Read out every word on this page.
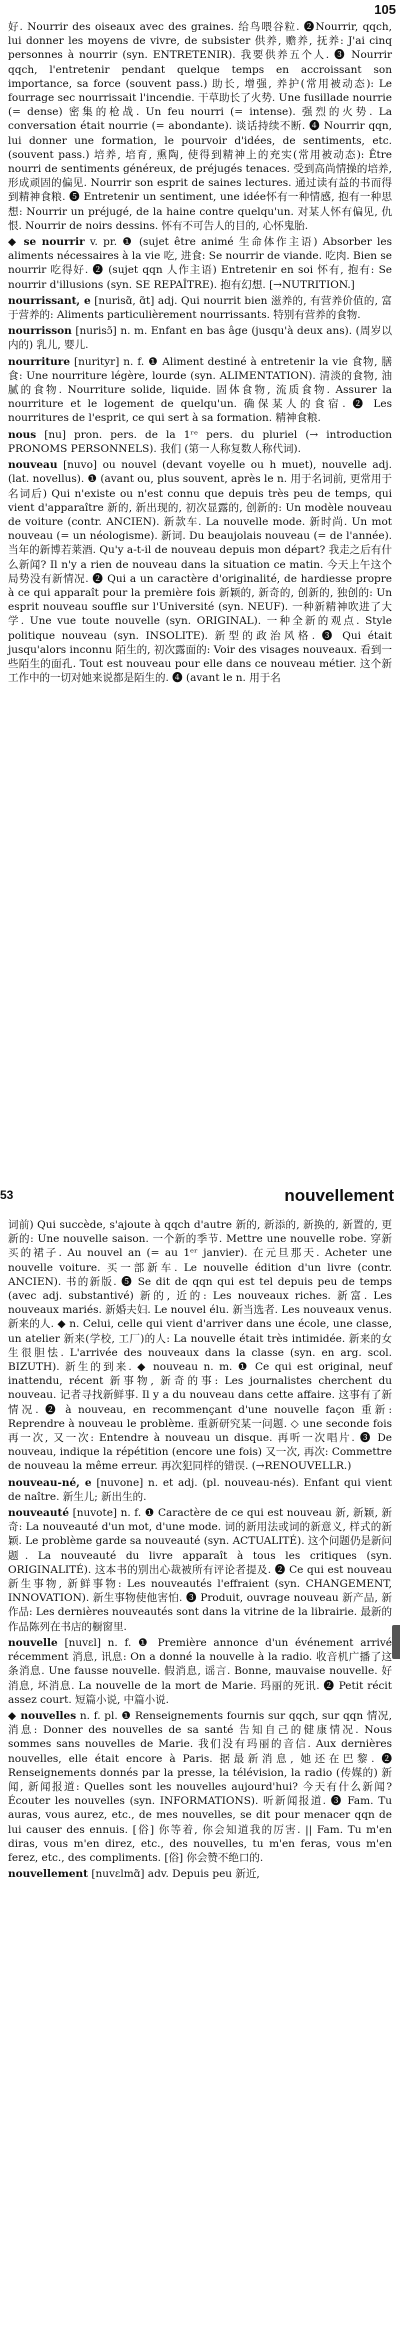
105

好. Nourrir des oiseaux avec des graines. 给鸟喂谷粒. ❷Nourrir, qqch, lui donner les moyens de vivre, de subsister 供养, 赡养, 抚养: J'ai cinq personnes à nourrir (syn. ENTRETENIR). 我要供养五个人. ❸ Nourrir qqch, l'entretenir pendant quelque temps en accroissant son importance, sa force (souvent pass.) 助长, 增强, 养护(常用被动态): Le fourrage sec nourrissait l'incendie. 干草助长了火势. Une fusillade nourrie (= dense) 密集的枪战. Un feu nourri (= intense). 强烈的火势. La conversation était nourrie (= abondante). 谈话持续不断. ❹ Nourrir qqn, lui donner une formation, le pourvoir d'idées, de sentiments, etc. (souvent pass.) 培养, 培育, 熏陶, 使得到精神上的充实(常用被动态): Être nourri de sentiments généreux, de préjugés tenaces. 受到高尚情操的培养, 形成顽固的偏见. Nourrir son esprit de saines lectures. 通过读有益的书而得到精神食粮. ❺ Entretenir un sentiment, une idée怀有一种情感, 抱有一种思想: Nourrir un préjugé, de la haine contre quelqu'un. 对某人怀有偏见, 仇恨. Nourrir de noirs dessins. 怀有不可告人的目的, 心怀鬼胎.

◆ se nourrir v. pr. ❶ (sujet être animé 生命体作主语) Absorber les aliments nécessaires à la vie 吃, 进食: Se nourrir de viande. 吃肉. Bien se nourrir 吃得好. ❷ (sujet qqn 人作主语) Entretenir en soi 怀有, 抱有: Se nourrir d'illusions (syn. SE REPAÎTRE). 抱有幻想. [→NUTRITION.]

nourrissant, e [nurisɑ̃, ɑ̃t] adj. Qui nourrit bien 滋养的, 有营养价值的, 富于营养的: Aliments particulièrement nourrissants. 特别有营养的食物.

nourrisson [nurisɔ̃] n. m. Enfant en bas âge (jusqu'à deux ans). (周岁以内的) 乳儿, 婴儿.

nourriture [nurityr] n. f. ❶ Aliment destiné à entretenir la vie 食物, 膳食: Une nourriture légère, lourde (syn. ALIMENTATION). 清淡的食物, 油腻的食物. Nourriture solide, liquide. 固体食物, 流质食物. Assurer la nourriture et le logement de quelqu'un. 确保某人的食宿. ❷ Les nourritures de l'esprit, ce qui sert à sa formation. 精神食粮.

nous [nu] pron. pers. de la 1ʳᵉ pers. du pluriel (→ introduction PRONOMS PERSONNELS). 我们 (第一人称复数人称代词).

nouveau [nuvo] ou nouvel (devant voyelle ou h muet), nouvelle adj. (lat. novellus). ❶ (avant ou, plus souvent, après le n. 用于名词前, 更常用于名词后) Qui n'existe ou n'est connu que depuis très peu de temps, qui vient d'apparaître 新的, 新出现的, 初次显露的, 创新的: Un modèle nouveau de voiture (contr. ANCIEN). 新款车. La nouvelle mode. 新时尚. Un mot nouveau (= un néologisme). 新词. Du beaujolais nouveau (= de l'année). 当年的新博若莱酒. Qu'y a-t-il de nouveau depuis mon départ? 我走之后有什么新闻? Il n'y a rien de nouveau dans la situation ce matin. 今天上午这个局势没有新情况. ❷ Qui a un caractère d'originalité, de hardiesse propre à ce qui apparaît pour la première fois 新颖的, 新奇的, 创新的, 独创的: Un esprit nouveau souffle sur l'Université (syn. NEUF). 一种新精神吹进了大学. Une vue toute nouvelle (syn. ORIGINAL). 一种全新的观点. Style politique nouveau (syn. INSOLITE). 新型的政治风格. ❸ Qui était jusqu'alors inconnu 陌生的, 初次露面的: Voir des visages nouveaux. 看到一些陌生的面孔. Tout est nouveau pour elle dans ce nouveau métier. 这个新工作中的一切对她来说都是陌生的. ❹ (avant le n. 用于名

53	nouvellement

词前) Qui succède, s'ajoute à qqch d'autre 新的, 新添的, 新换的, 新置的, 更新的: Une nouvelle saison. 一个新的季节. Mettre une nouvelle robe. 穿新买的裙子. Au nouvel an (= au 1ᵉʳ janvier). 在元旦那天. Acheter une nouvelle voiture. 买一部新车. Le nouvelle édition d'un livre (contr. ANCIEN). 书的新版. ❺ Se dit de qqn qui est tel depuis peu de temps (avec adj. substantivé) 新的, 近的: Les nouveaux riches. 新富. Les nouveaux mariés. 新婚夫妇. Le nouvel élu. 新当选者. Les nouveaux venus. 新来的人. ◆ n. Celui, celle qui vient d'arriver dans une école, une classe, un atelier 新来(学校, 工厂)的人: La nouvelle était très intimidée. 新来的女生很胆怯. L'arrivée des nouveaux dans la classe (syn. en arg. scol. BIZUTH). 新生的到来. ◆ nouveau n. m. ❶ Ce qui est original, neuf inattendu, récent 新事物, 新奇的事: Les journalistes cherchent du nouveau. 记者寻找新鲜事. Il y a du nouveau dans cette affaire. 这事有了新情况. ❷ à nouveau, en recommençant d'une nouvelle façon 重新: Reprendre à nouveau le problème. 重新研究某一问题. ◇ une seconde fois 再一次, 又一次: Entendre à nouveau un disque. 再听一次唱片. ❸ De nouveau, indique la répétition (encore une fois) 又一次, 再次: Commettre de nouveau la même erreur. 再次犯同样的错误. (→RENOUVELLR.)

nouveau-né, e [nuvone] n. et adj. (pl. nouveau-nés). Enfant qui vient de naître. 新生儿; 新出生的.

nouveauté [nuvote] n. f. ❶ Caractère de ce qui est nouveau 新, 新颖, 新奇: La nouveauté d'un mot, d'une mode. 词的新用法或词的新意义, 样式的新颖. Le problème garde sa nouveauté (syn. ACTUALITÉ). 这个问题仍是新问题. La nouveauté du livre apparaît à tous les critiques (syn. ORIGINALITÉ). 这本书的别出心裁被所有评论者提及. ❷ Ce qui est nouveau 新生事物, 新鲜事物: Les nouveautés l'effraient (syn. CHANGEMENT, INNOVATION). 新生事物使他害怕. ❸ Produit, ouvrage nouveau 新产品, 新作品: Les dernières nouveautés sont dans la vitrine de la librairie. 最新的作品陈列在书店的橱窗里.

nouvelle [nuvɛl] n. f. ❶ Première annonce d'un événement arrivé récemment 消息, 讯息: On a donné la nouvelle à la radio. 收音机广播了这条消息. Une fausse nouvelle. 假消息, 谣言. Bonne, mauvaise nouvelle. 好消息, 坏消息. La nouvelle de la mort de Marie. 玛丽的死讯. ❷ Petit récit assez court. 短篇小说, 中篇小说.

◆ nouvelles n. f. pl. ❶ Renseignements fournis sur qqch, sur qqn 情况, 消息: Donner des nouvelles de sa santé 告知自己的健康情况. Nous sommes sans nouvelles de Marie. 我们没有玛丽的音信. Aux dernières nouvelles, elle était encore à Paris. 据最新消息, 她还在巴黎. ❷ Renseignements donnés par la presse, la télévision, la radio (传媒的) 新闻, 新闻报道: Quelles sont les nouvelles aujourd'hui? 今天有什么新闻? Écouter les nouvelles (syn. INFORMATIONS). 听新闻报道. ❸ Fam. Tu auras, vous aurez, etc., de mes nouvelles, se dit pour menacer qqn de lui causer des ennuis. [俗] 你等着, 你会知道我的厉害. || Fam. Tu m'en diras, vous m'en direz, etc., des nouvelles, tu m'en feras, vous m'en ferez, etc., des compliments. [俗] 你会赞不绝口的.

nouvellement [nuvɛlmɑ̃] adv. Depuis peu 新近,
